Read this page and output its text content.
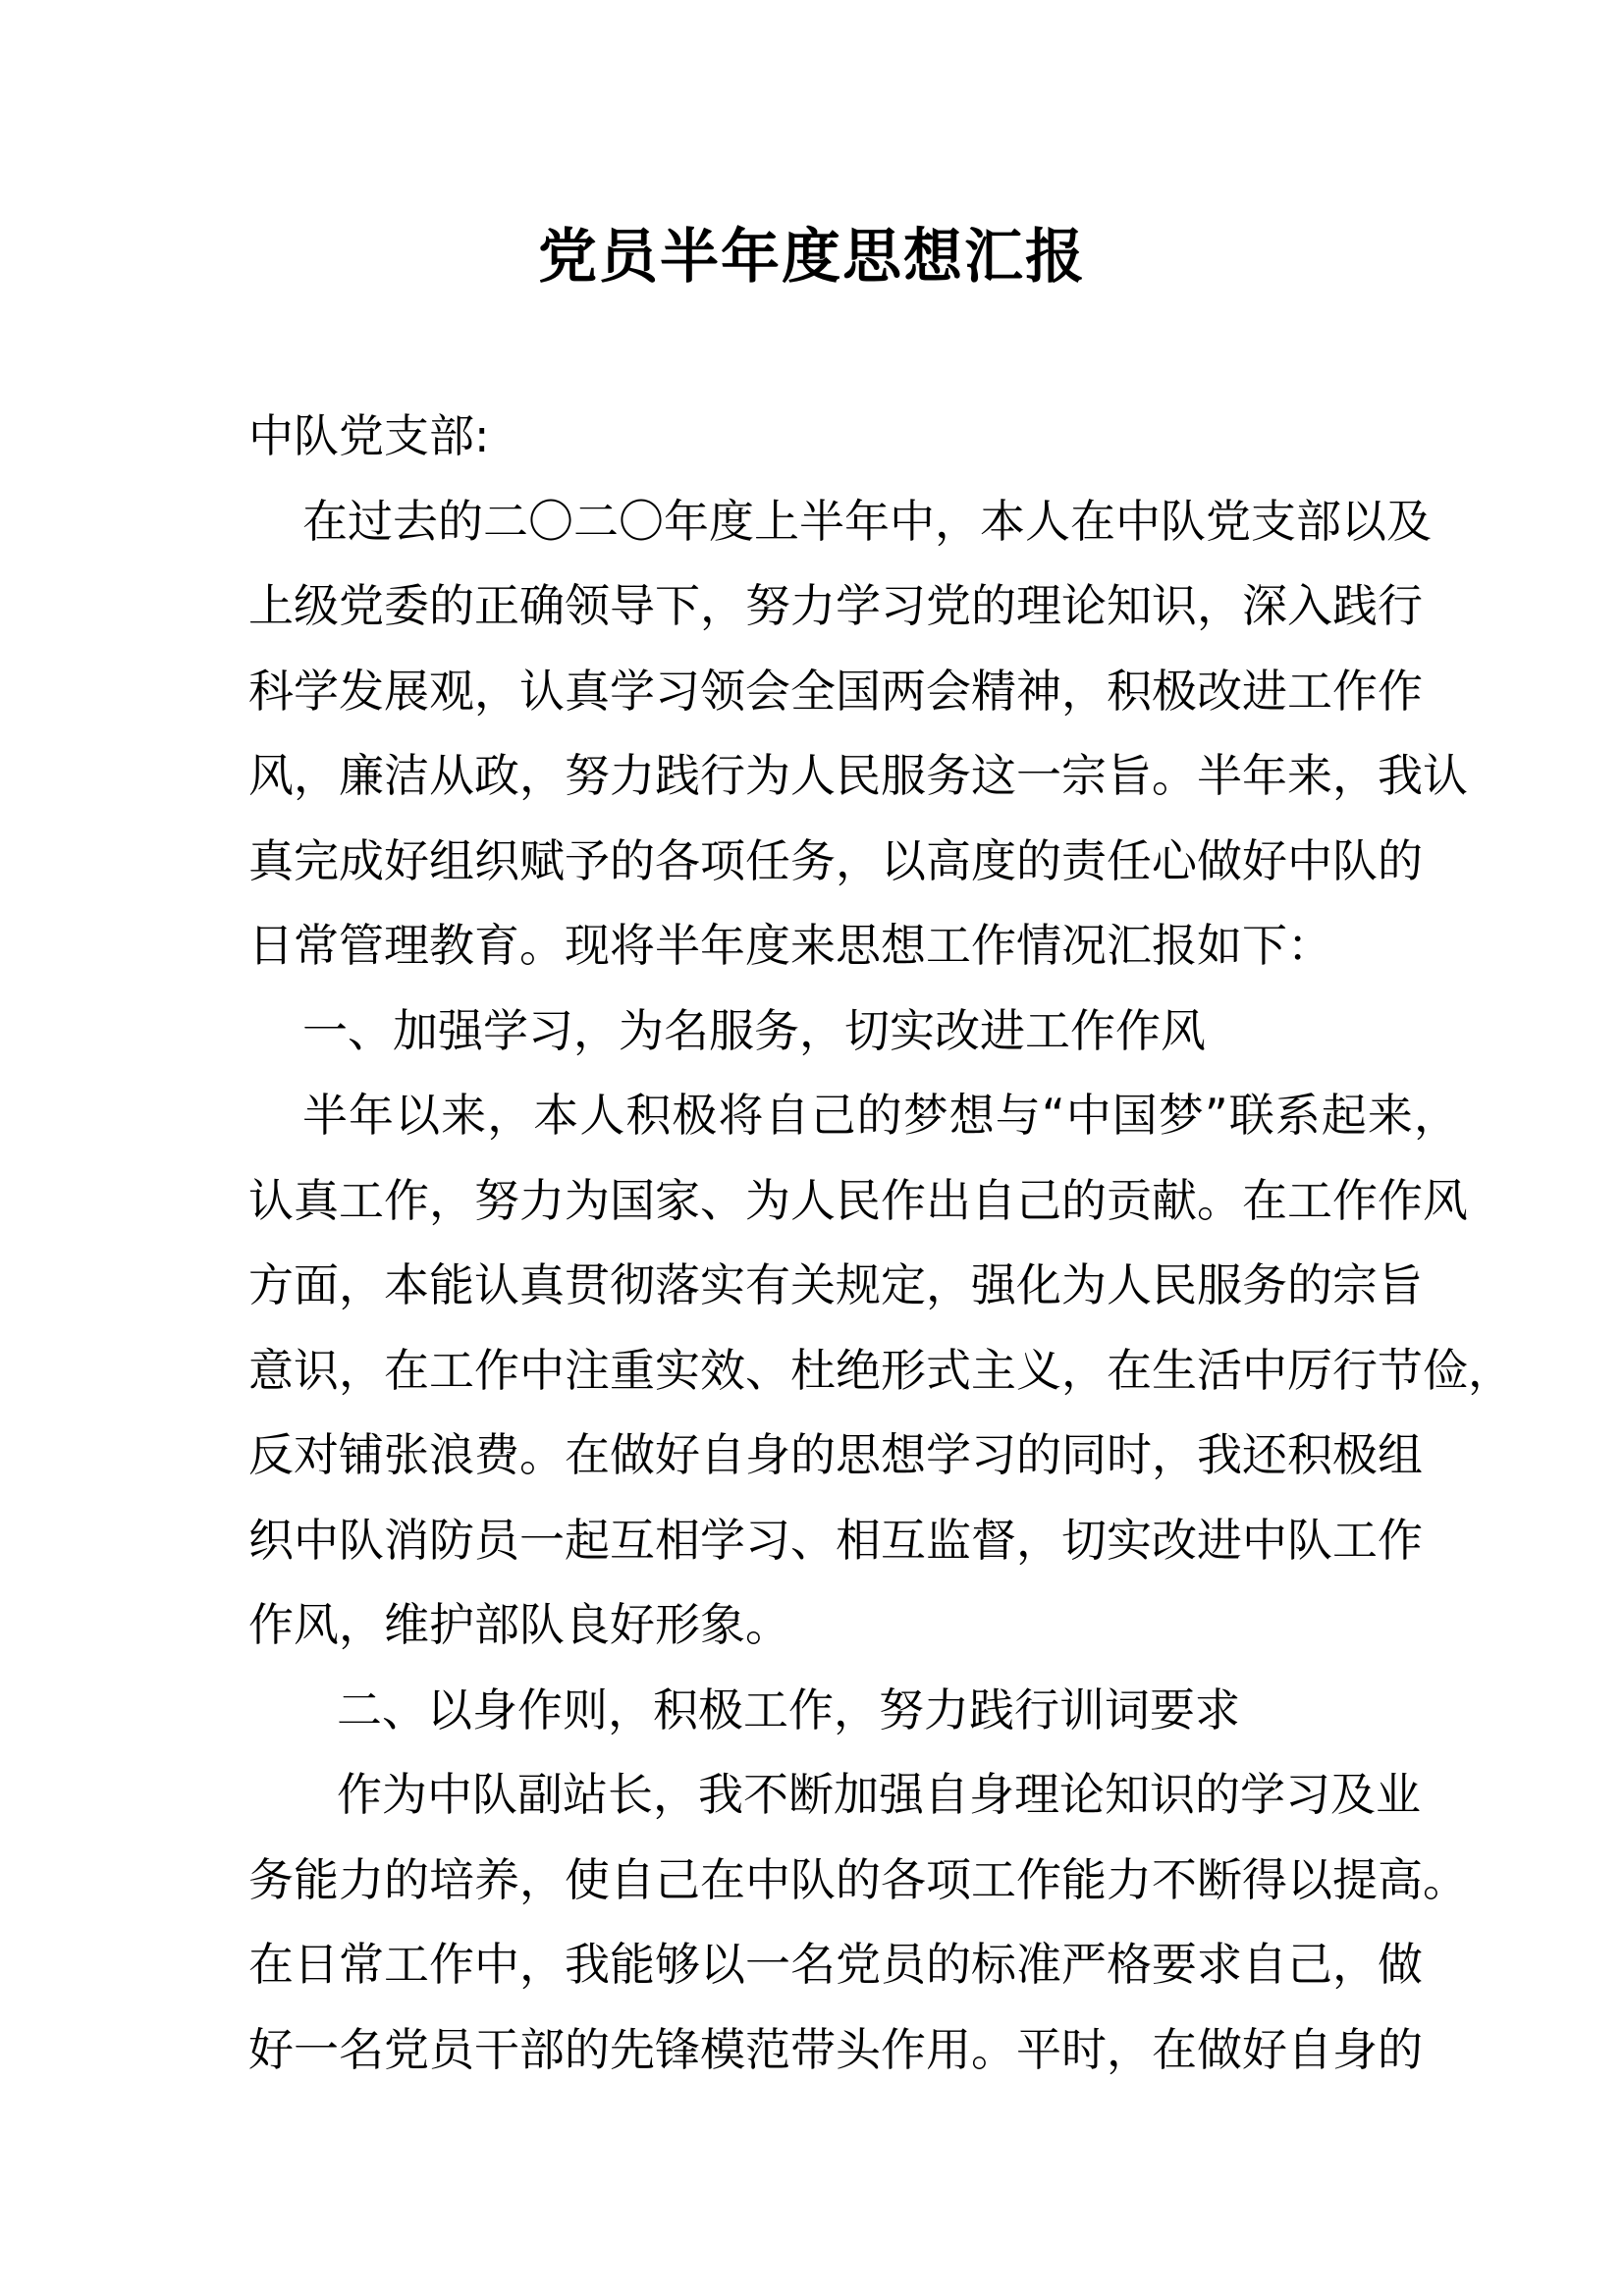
党员半年度思想汇报
中队党支部:
在过去的二〇二〇年度上半年中，本人在中队党支部以及
上级党委的正确领导下，努力学习党的理论知识，深入践行
科学发展观，认真学习领会全国两会精神，积极改进工作作
风，廉洁从政，努力践行为人民服务这一宗旨。半年来，我认
真完成好组织赋予的各项任务，以高度的责任心做好中队的
日常管理教育。现将半年度来思想工作情况汇报如下：
一、加强学习，为名服务，切实改进工作作风
半年以来，本人积极将自己的梦想与“中国梦”联系起来，
认真工作，努力为国家、为人民作出自己的贡献。在工作作风
方面，本能认真贯彻落实有关规定，强化为人民服务的宗旨
意识，在工作中注重实效、杜绝形式主义，在生活中厉行节俭，
反对铺张浪费。在做好自身的思想学习的同时，我还积极组
织中队消防员一起互相学习、相互监督，切实改进中队工作
作风，维护部队良好形象。
二、以身作则，积极工作，努力践行训词要求
作为中队副站长，我不断加强自身理论知识的学习及业
务能力的培养，使自己在中队的各项工作能力不断得以提高。
在日常工作中，我能够以一名党员的标准严格要求自己，做
好一名党员干部的先锋模范带头作用。平时，在做好自身的
